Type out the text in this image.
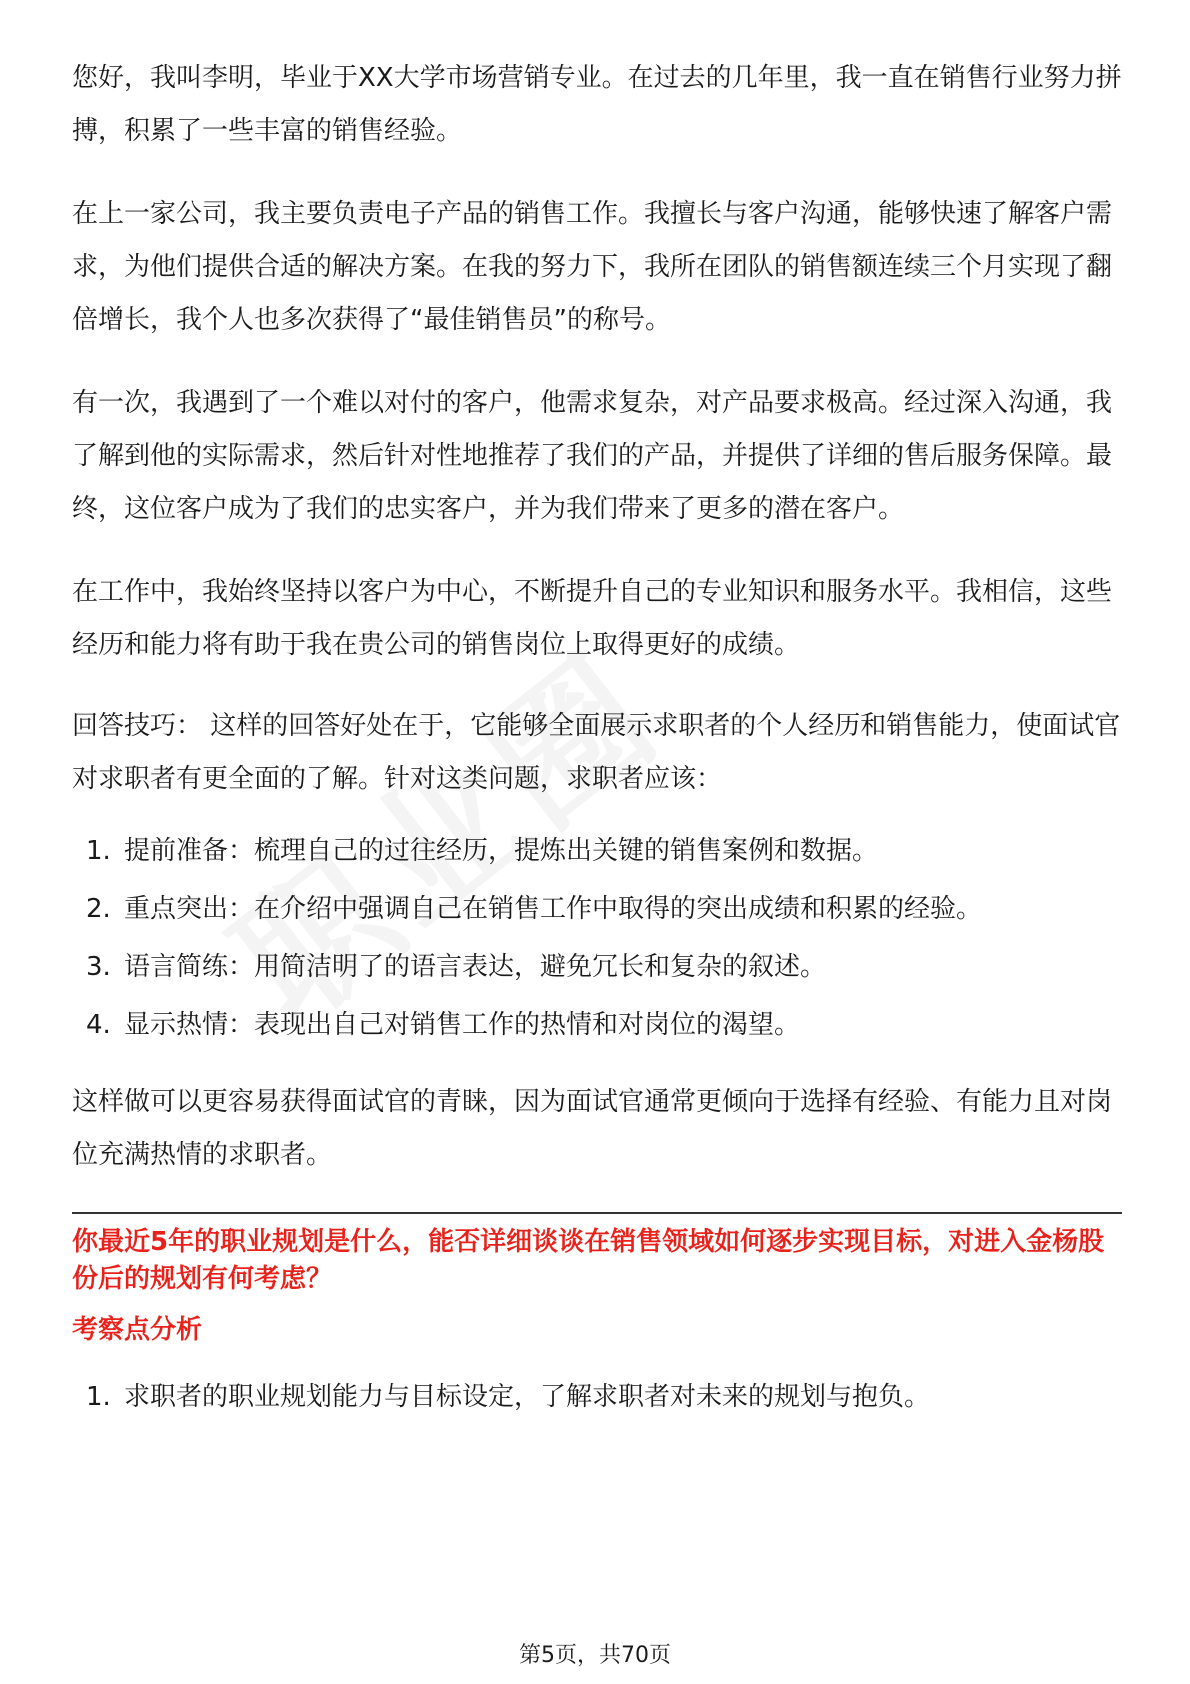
您好，我叫李明，毕业于XX大学市场营销专业。在过去的几年里，我一直在销售行业努力拼搏，积累了一些丰富的销售经验。

在上一家公司，我主要负责电子产品的销售工作。我擅长与客户沟通，能够快速了解客户需求，为他们提供合适的解决方案。在我的努力下，我所在团队的销售额连续三个月实现了翻倍增长，我个人也多次获得了“最佳销售员”的称号。

有一次，我遇到了一个难以对付的客户，他需求复杂，对产品要求极高。经过深入沟通，我了解到他的实际需求，然后针对性地推荐了我们的产品，并提供了详细的售后服务保障。最终，这位客户成为了我们的忠实客户，并为我们带来了更多的潜在客户。

在工作中，我始终坚持以客户为中心，不断提升自己的专业知识和服务水平。我相信，这些经历和能力将有助于我在贵公司的销售岗位上取得更好的成绩。

回答技巧： 这样的回答好处在于，它能够全面展示求职者的个人经历和销售能力，使面试官对求职者有更全面的了解。针对这类问题，求职者应该：

1. 提前准备：梳理自己的过往经历，提炼出关键的销售案例和数据。
2. 重点突出：在介绍中强调自己在销售工作中取得的突出成绩和积累的经验。
3. 语言简练：用简洁明了的语言表达，避免冗长和复杂的叙述。
4. 显示热情：表现出自己对销售工作的热情和对岗位的渴望。

这样做可以更容易获得面试官的青睐，因为面试官通常更倾向于选择有经验、有能力且对岗位充满热情的求职者。

你最近5年的职业规划是什么，能否详细谈谈在销售领域如何逐步实现目标，对进入金杨股份后的规划有何考虑？

考察点分析

1. 求职者的职业规划能力与目标设定，了解求职者对未来的规划与抱负。
第5页，共70页
